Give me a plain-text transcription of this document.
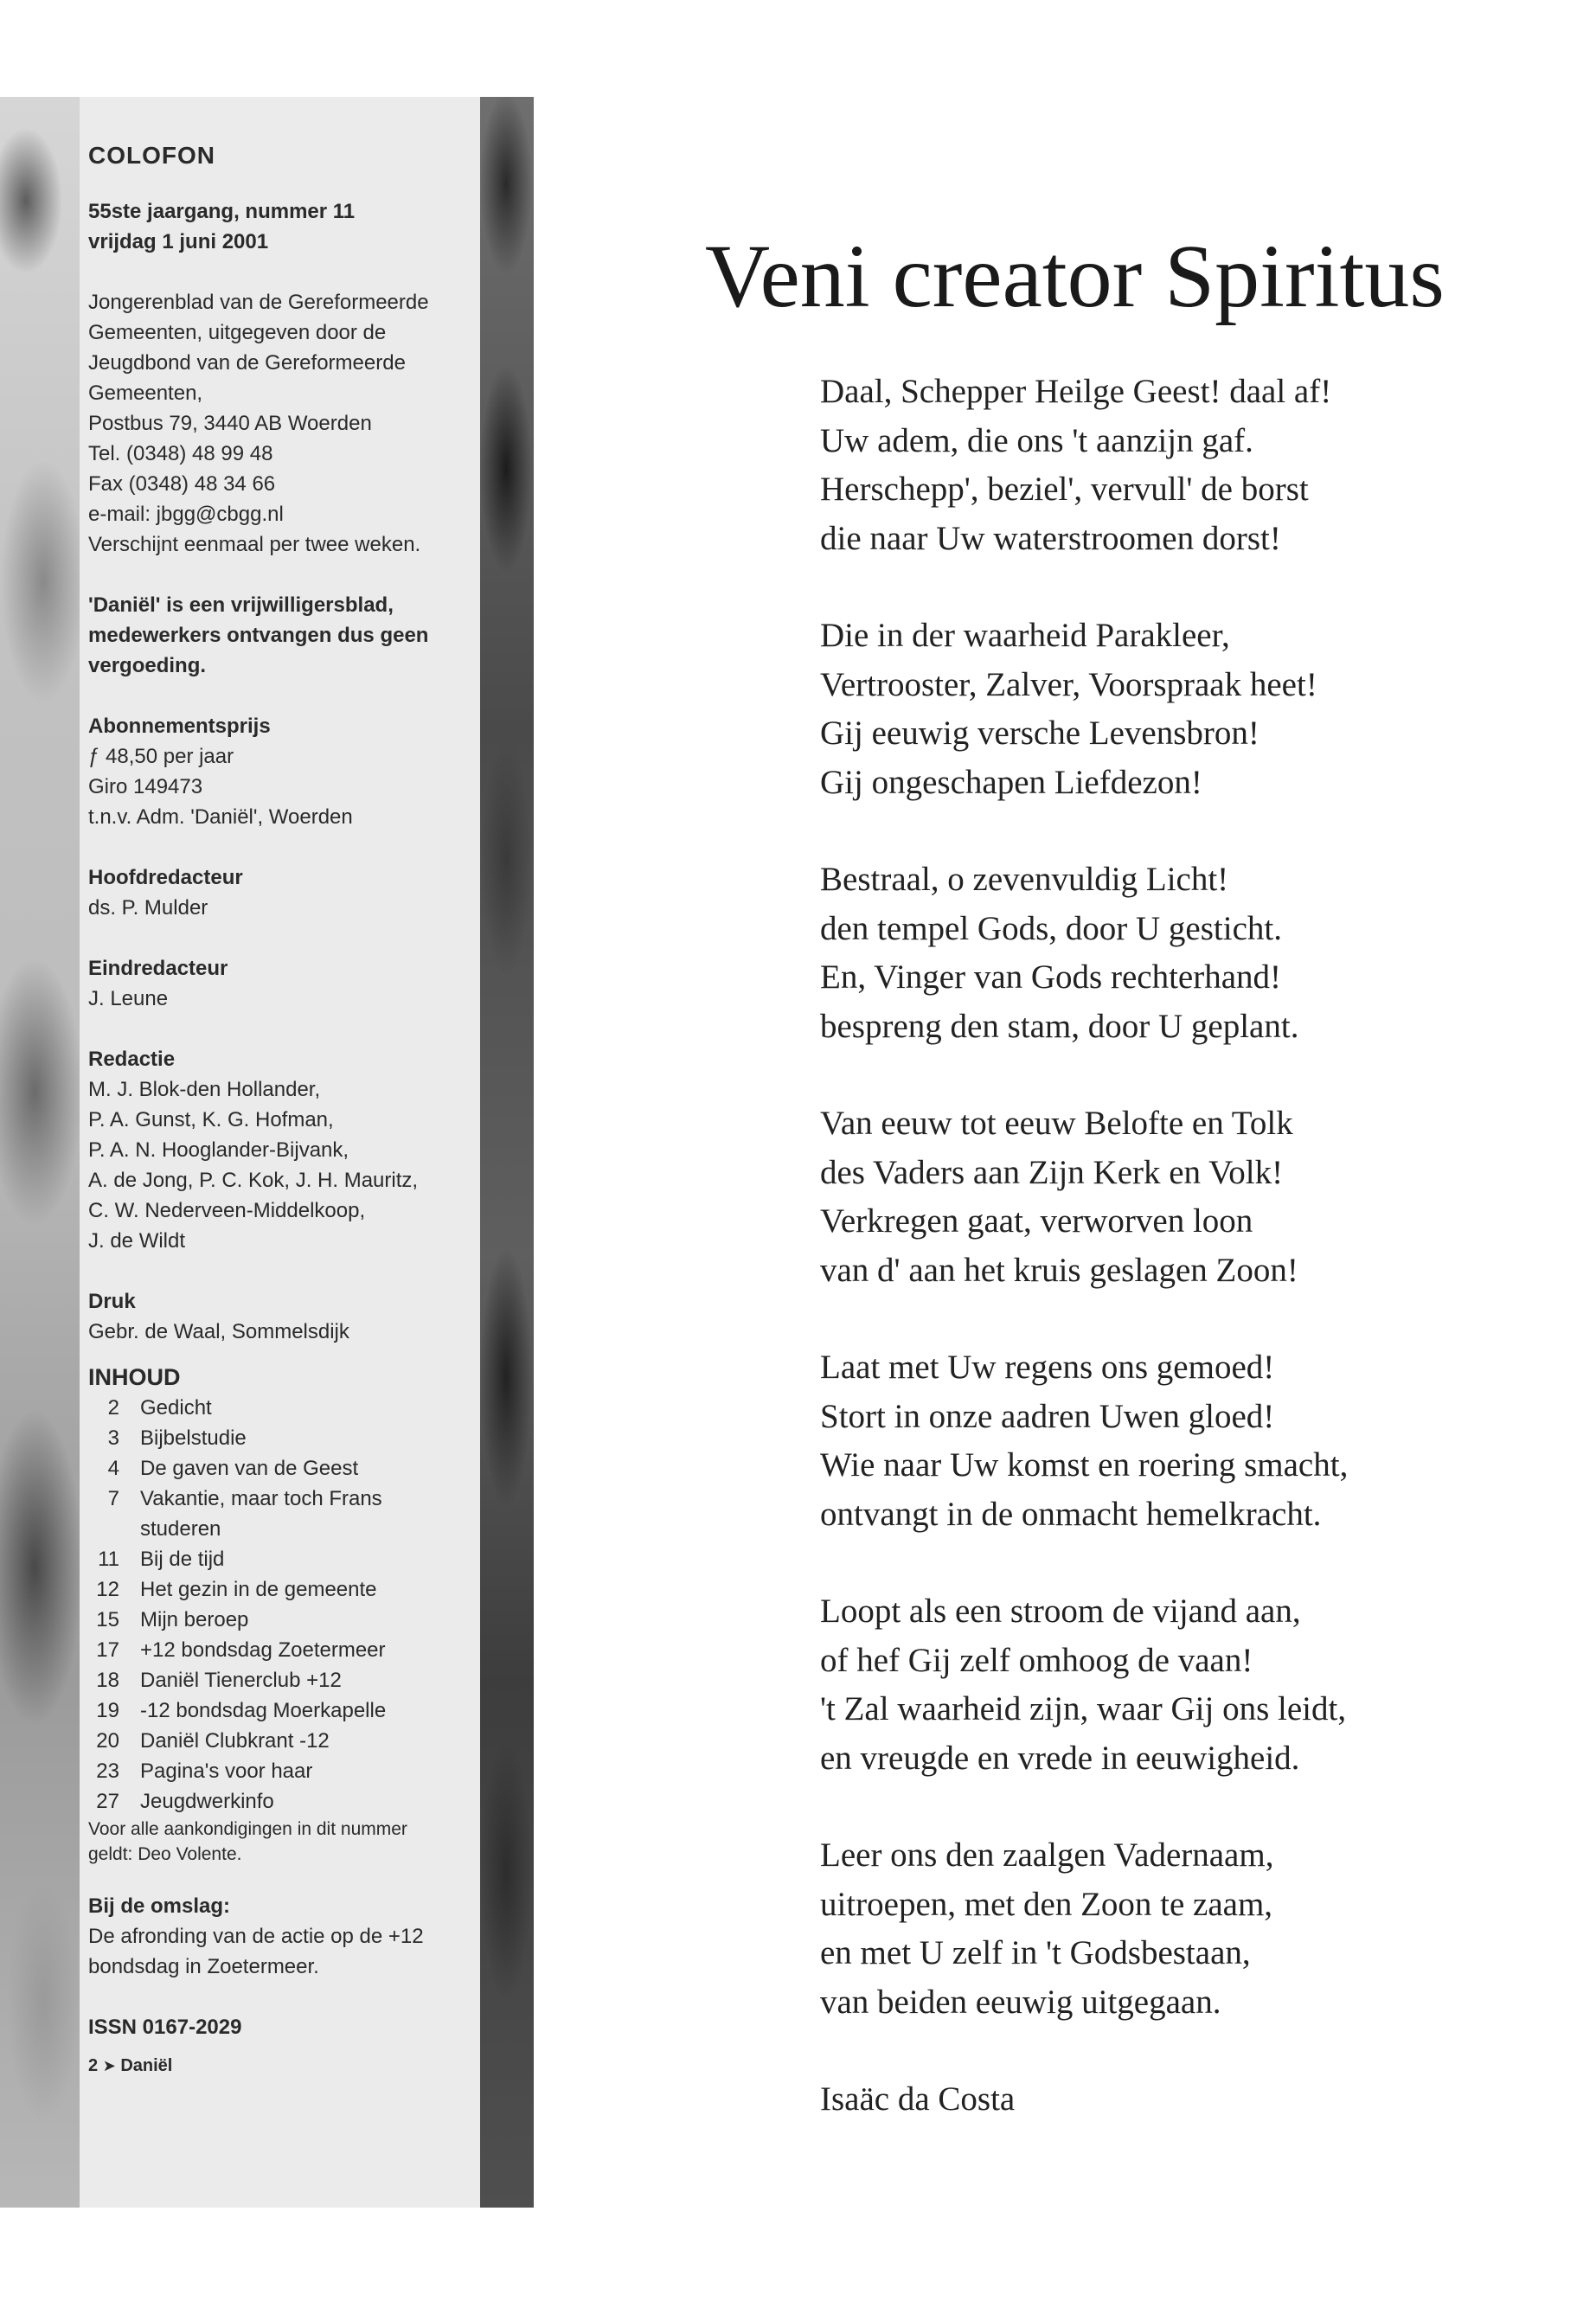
COLOFON
55ste jaargang, nummer 11
vrijdag 1 juni 2001
Jongerenblad van de Gereformeerde
Gemeenten, uitgegeven door de
Jeugdbond van de Gereformeerde
Gemeenten,
Postbus 79, 3440 AB Woerden
Tel. (0348) 48 99 48
Fax (0348) 48 34 66
e-mail: jbgg@cbgg.nl
Verschijnt eenmaal per twee weken.
'Daniël' is een vrijwilligersblad,
medewerkers ontvangen dus geen
vergoeding.
Abonnementsprijs
ƒ 48,50 per jaar
Giro 149473
t.n.v. Adm. 'Daniël', Woerden
Hoofdredacteur
ds. P. Mulder
Eindredacteur
J. Leune
Redactie
M. J. Blok-den Hollander,
P. A. Gunst, K. G. Hofman,
P. A. N. Hooglander-Bijvank,
A. de Jong, P. C. Kok, J. H. Mauritz,
C. W. Nederveen-Middelkoop,
J. de Wildt
Druk
Gebr. de Waal, Sommelsdijk
INHOUD
2 Gedicht
3 Bijbelstudie
4 De gaven van de Geest
7 Vakantie, maar toch Frans
studeren
11 Bij de tijd
12 Het gezin in de gemeente
15 Mijn beroep
17 +12 bondsdag Zoetermeer
18 Daniël Tienerclub +12
19 -12 bondsdag Moerkapelle
20 Daniël Clubkrant -12
23 Pagina's voor haar
27 Jeugdwerkinfo
Voor alle aankondigingen in dit nummer
geldt: Deo Volente.
Bij de omslag:
De afronding van de actie op de +12
bondsdag in Zoetermeer.
ISSN 0167-2029
2 ➤ Daniël
Veni creator Spiritus
Daal, Schepper Heilge Geest! daal af!
Uw adem, die ons 't aanzijn gaf.
Herschepp', beziel', vervull' de borst
die naar Uw waterstroomen dorst!
Die in der waarheid Parakleer,
Vertrooster, Zalver, Voorspraak heet!
Gij eeuwig versche Levensbron!
Gij ongeschapen Liefdezon!
Bestraal, o zevenvuldig Licht!
den tempel Gods, door U gesticht.
En, Vinger van Gods rechterhand!
bespreng den stam, door U geplant.
Van eeuw tot eeuw Belofte en Tolk
des Vaders aan Zijn Kerk en Volk!
Verkregen gaat, verworven loon
van d' aan het kruis geslagen Zoon!
Laat met Uw regens ons gemoed!
Stort in onze aadren Uwen gloed!
Wie naar Uw komst en roering smacht,
ontvangt in de onmacht hemelkracht.
Loopt als een stroom de vijand aan,
of hef Gij zelf omhoog de vaan!
't Zal waarheid zijn, waar Gij ons leidt,
en vreugde en vrede in eeuwigheid.
Leer ons den zaalgen Vadernaam,
uitroepen, met den Zoon te zaam,
en met U zelf in 't Godsbestaan,
van beiden eeuwig uitgegaan.
Isaäc da Costa
